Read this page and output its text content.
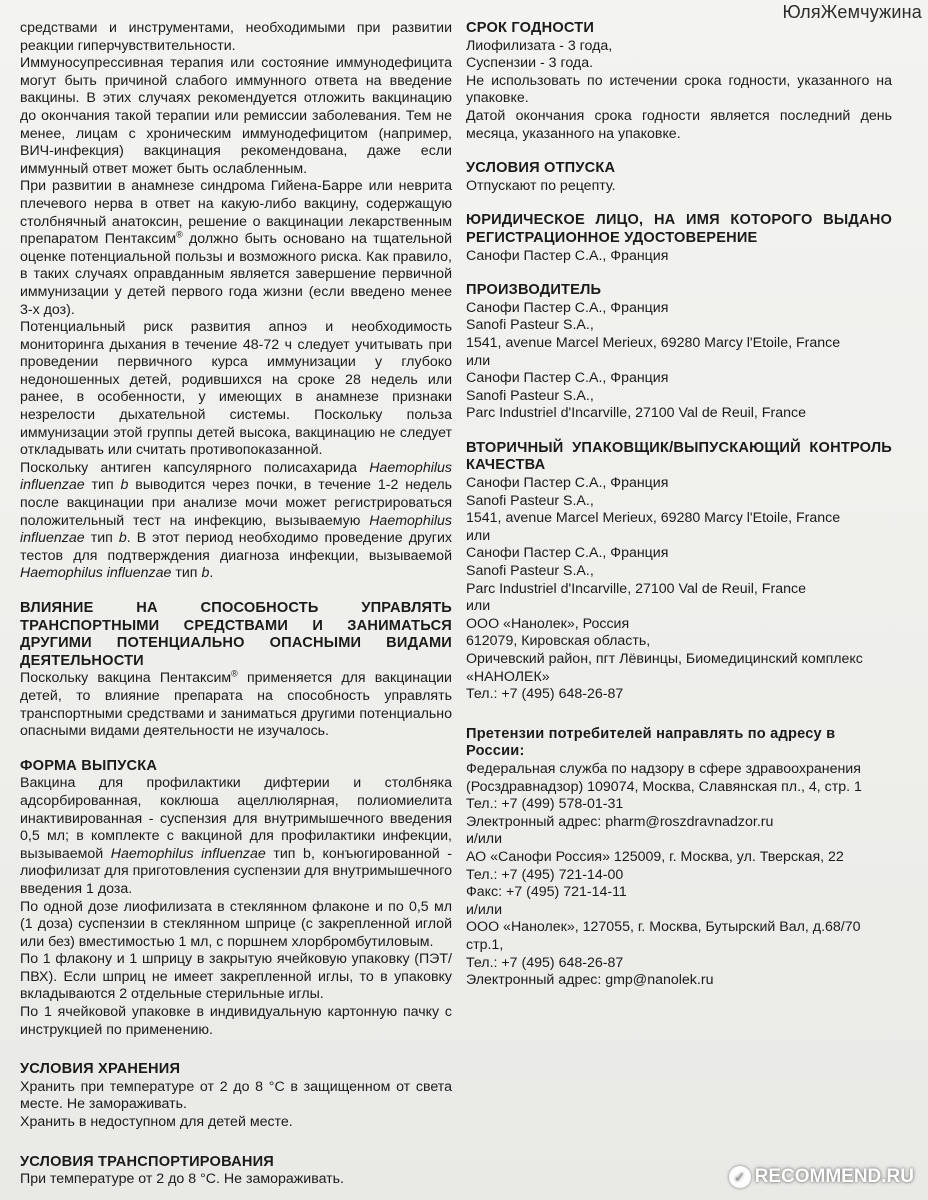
ЮляЖемчужина

средствами и инструментами, необходимыми при развитии реакции гиперчувствительности.

Иммуносупрессивная терапия или состояние иммунодефицита могут быть причиной слабого иммунного ответа на введение вакцины. В этих случаях рекомендуется отложить вакцинацию до окончания такой терапии или ремиссии заболевания. Тем не менее, лицам с хроническим иммунодефицитом (например, ВИЧ-инфекция) вакцинация рекомендована, даже если иммунный ответ может быть ослабленным.

При развитии в анамнезе синдрома Гийена-Барре или неврита плечевого нерва в ответ на какую-либо вакцину, содержащую столбнячный анатоксин, решение о вакцинации лекарственным препаратом Пентаксим® должно быть основано на тщательной оценке потенциальной пользы и возможного риска. Как правило, в таких случаях оправданным является завершение первичной иммунизации у детей первого года жизни (если введено менее 3-х доз).

Потенциальный риск развития апноэ и необходимость мониторинга дыхания в течение 48-72 ч следует учитывать при проведении первичного курса иммунизации у глубоко недоношенных детей, родившихся на сроке 28 недель или ранее, в особенности, у имеющих в анамнезе признаки незрелости дыхательной системы. Поскольку польза иммунизации этой группы детей высока, вакцинацию не следует откладывать или считать противопоказанной.

Поскольку антиген капсулярного полисахарида Haemophilus influenzae тип b выводится через почки, в течение 1-2 недель после вакцинации при анализе мочи может регистрироваться положительный тест на инфекцию, вызываемую Haemophilus influenzae тип b. В этот период необходимо проведение других тестов для подтверждения диагноза инфекции, вызываемой Haemophilus influenzae тип b.

ВЛИЯНИЕ НА СПОСОБНОСТЬ УПРАВЛЯТЬ ТРАНСПОРТНЫМИ СРЕДСТВАМИ И ЗАНИМАТЬСЯ ДРУГИМИ ПОТЕНЦИАЛЬНО ОПАСНЫМИ ВИДАМИ ДЕЯТЕЛЬНОСТИ

Поскольку вакцина Пентаксим® применяется для вакцинации детей, то влияние препарата на способность управлять транспортными средствами и заниматься другими потенциально опасными видами деятельности не изучалось.

ФОРМА ВЫПУСКА

Вакцина для профилактики дифтерии и столбняка адсорбированная, коклюша ацеллюлярная, полиомиелита инактивированная - суспензия для внутримышечного введения 0,5 мл; в комплекте с вакциной для профилактики инфекции, вызываемой Haemophilus influenzae тип b, конъюгированной - лиофилизат для приготовления суспензии для внутримышечного введения 1 доза.

По одной дозе лиофилизата в стеклянном флаконе и по 0,5 мл (1 доза) суспензии в стеклянном шприце (с закрепленной иглой или без) вместимостью 1 мл, с поршнем хлорбромбутиловым.

По 1 флакону и 1 шприцу в закрытую ячейковую упаковку (ПЭТ/ПВХ). Если шприц не имеет закрепленной иглы, то в упаковку вкладываются 2 отдельные стерильные иглы.

По 1 ячейковой упаковке в индивидуальную картонную пачку с инструкцией по применению.

УСЛОВИЯ ХРАНЕНИЯ

Хранить при температуре от 2 до 8 °С в защищенном от света месте. Не замораживать.

Хранить в недоступном для детей месте.

УСЛОВИЯ ТРАНСПОРТИРОВАНИЯ

При температуре от 2 до 8 °С. Не замораживать.

СРОК ГОДНОСТИ

Лиофилизата - 3 года,

Суспензии - 3 года.

Не использовать по истечении срока годности, указанного на упаковке.

Датой окончания срока годности является последний день месяца, указанного на упаковке.

УСЛОВИЯ ОТПУСКА

Отпускают по рецепту.

ЮРИДИЧЕСКОЕ ЛИЦО, НА ИМЯ КОТОРОГО ВЫДАНО РЕГИСТРАЦИОННОЕ УДОСТОВЕРЕНИЕ

Санофи Пастер С.А., Франция

ПРОИЗВОДИТЕЛЬ

Санофи Пастер С.А., Франция

Sanofi Pasteur S.A.,

1541, avenue Marcel Merieux, 69280 Marcy l'Etoile, France

или

Санофи Пастер С.А., Франция

Sanofi Pasteur S.A.,

Parc Industriel d'Incarville, 27100 Val de Reuil, France

ВТОРИЧНЫЙ УПАКОВЩИК/ВЫПУСКАЮЩИЙ КОНТРОЛЬ КАЧЕСТВА

Санофи Пастер С.А., Франция

Sanofi Pasteur S.A.,

1541, avenue Marcel Merieux, 69280 Marcy l'Etoile, France

или

Санофи Пастер С.А., Франция

Sanofi Pasteur S.A.,

Parc Industriel d'Incarville, 27100 Val de Reuil, France

или

ООО «Нанолек», Россия

612079, Кировская область,

Оричевский район, пгт Лёвинцы, Биомедицинский комплекс «НАНОЛЕК»

Тел.: +7 (495) 648-26-87

Претензии потребителей направлять по адресу в России:

Федеральная служба по надзору в сфере здравоохранения (Росздравнадзор) 109074, Москва, Славянская пл., 4, стр. 1

Тел.: +7 (499) 578-01-31

Электронный адрес: pharm@roszdravnadzor.ru

и/или

АО «Санофи Россия» 125009, г. Москва, ул. Тверская, 22

Тел.: +7 (495) 721-14-00

Факс: +7 (495) 721-14-11

и/или

ООО «Нанолек», 127055, г. Москва, Бутырский Вал, д.68/70 стр.1,

Тел.: +7 (495) 648-26-87

Электронный адрес: gmp@nanolek.ru

✓ RECOMMEND.RU
